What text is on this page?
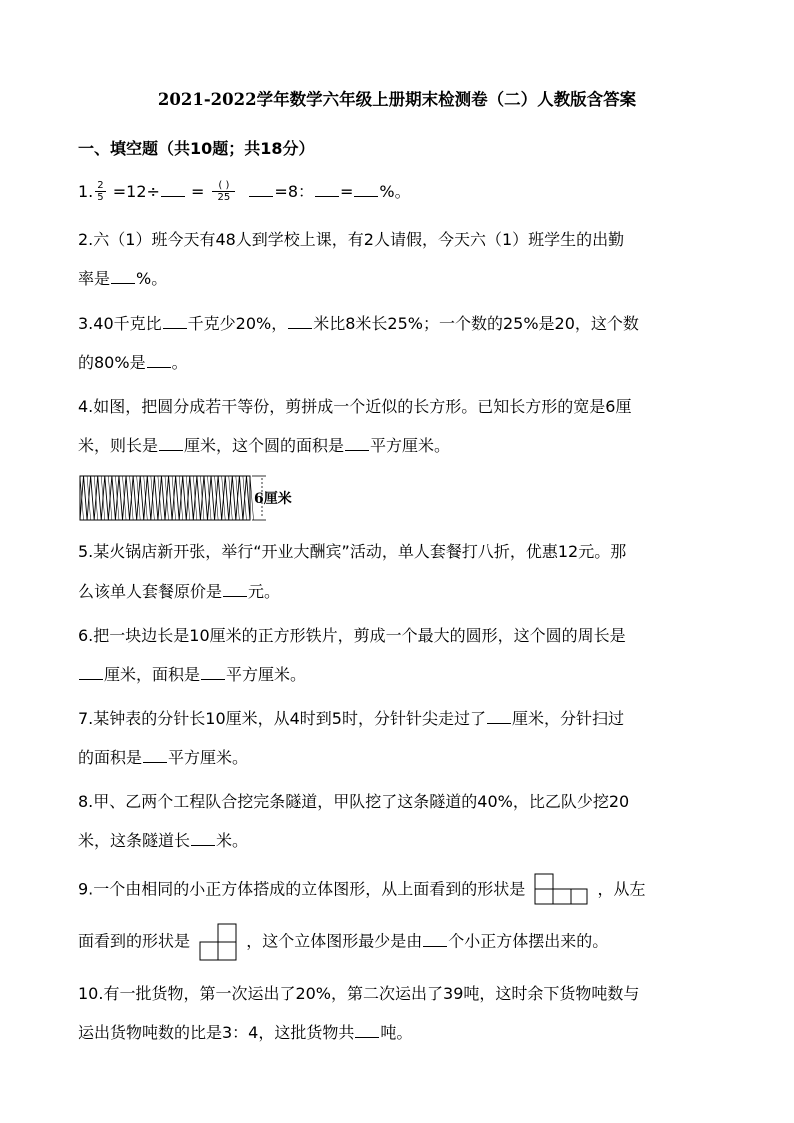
2021-2022学年数学六年级上册期末检测卷（二）人教版含答案
一、填空题（共10题；共18分）
1. $\frac{2}{5} =12\div = \frac{( )}{25} =8$： = %。
2.六（1）班今天有48人到学校上课，有2人请假，今天六（1）班学生的出勤
率是 %。
3.40千克比 千克少20%， 米比8米长25%；一个数的25%是20，这个数
的80%是 。
4.如图，把圆分成若干等份，剪拼成一个近似的长方形。已知长方形的宽是6厘
米，则长是 厘米，这个圆的面积是 平方厘米。
6厘米
5.某火锅店新开张，举行“开业大酬宾”活动，单人套餐打八折，优惠12元。那
么该单人套餐原价是 元。
6.把一块边长是10厘米的正方形铁片，剪成一个最大的圆形，这个圆的周长是
厘米，面积是 平方厘米。
7.某钟表的分针长10厘米，从4时到5时，分针针尖走过了 厘米，分针扫过
的面积是 平方厘米。
8.甲、乙两个工程队合挖完条隧道，甲队挖了这条隧道的40%，比乙队少挖20
米，这条隧道长 米。
9.一个由相同的小正方体搭成的立体图形，从上面看到的形状是	，从左
面看到的形状是	，这个立体图形最少是由 个小正方体摆出来的。
10.有一批货物，第一次运出了20%，第二次运出了39吨，这时余下货物吨数与
运出货物吨数的比是3：4，这批货物共 吨。
